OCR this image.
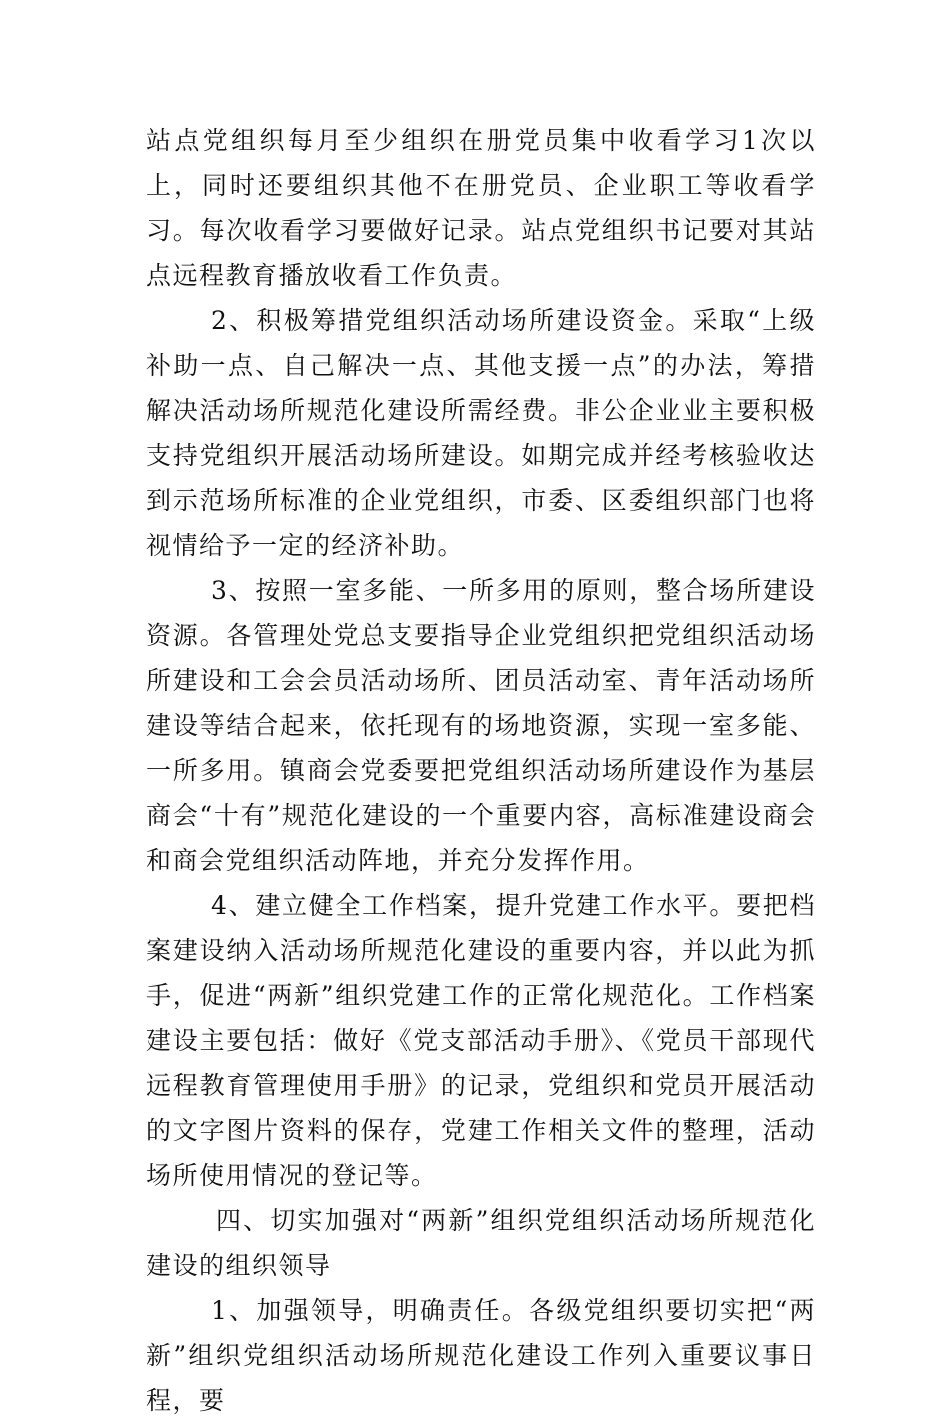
站点党组织每月至少组织在册党员集中收看学习1次以上，同时还要组织其他不在册党员、企业职工等收看学习。每次收看学习要做好记录。站点党组织书记要对其站点远程教育播放收看工作负责。

2、积极筹措党组织活动场所建设资金。采取“上级补助一点、自己解决一点、其他支援一点”的办法，筹措解决活动场所规范化建设所需经费。非公企业业主要积极支持党组织开展活动场所建设。如期完成并经考核验收达到示范场所标准的企业党组织，市委、区委组织部门也将视情给予一定的经济补助。

3、按照一室多能、一所多用的原则，整合场所建设资源。各管理处党总支要指导企业党组织把党组织活动场所建设和工会会员活动场所、团员活动室、青年活动场所建设等结合起来，依托现有的场地资源，实现一室多能、一所多用。镇商会党委要把党组织活动场所建设作为基层商会“十有”规范化建设的一个重要内容，高标准建设商会和商会党组织活动阵地，并充分发挥作用。

4、建立健全工作档案，提升党建工作水平。要把档案建设纳入活动场所规范化建设的重要内容，并以此为抓手，促进“两新”组织党建工作的正常化规范化。工作档案建设主要包括：做好《党支部活动手册》、《党员干部现代远程教育管理使用手册》的记录，党组织和党员开展活动的文字图片资料的保存，党建工作相关文件的整理，活动场所使用情况的登记等。

四、切实加强对“两新”组织党组织活动场所规范化建设的组织领导

1、加强领导，明确责任。各级党组织要切实把“两新”组织党组织活动场所规范化建设工作列入重要议事日程，要
